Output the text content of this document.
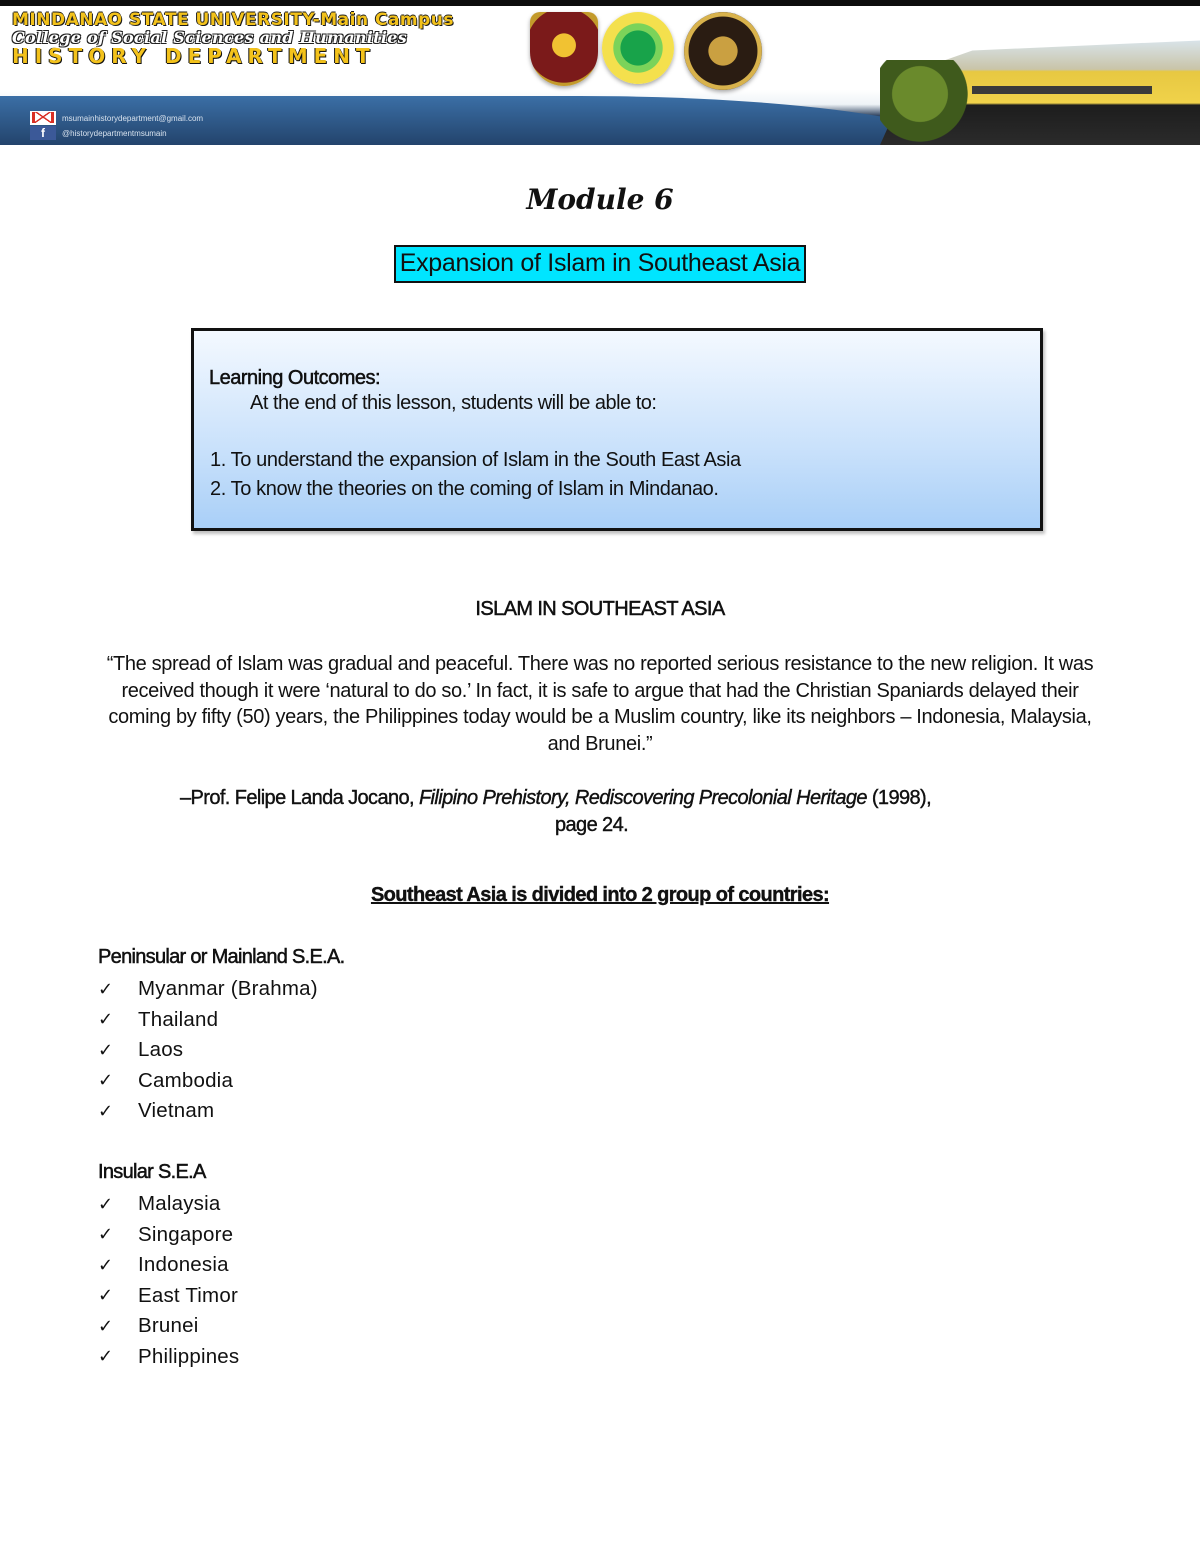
MINDANAO STATE UNIVERSITY-Main Campus
College of Social Sciences and Humanities
HISTORY DEPARTMENT
msumainhistorydepartment@gmail.com
f	@historydepartmentmsumain
Module 6
Expansion of Islam in Southeast Asia
Learning Outcomes:

At the end of this lesson, students will be able to:

1. To understand the expansion of Islam in the South East Asia
2. To know the theories on the coming of Islam in Mindanao.
ISLAM IN SOUTHEAST ASIA

“The spread of Islam was gradual and peaceful. There was no reported serious resistance to the new religion. It was received though it were ‘natural to do so.’ In fact, it is safe to argue that had the Christian Spaniards delayed their coming by fifty (50) years, the Philippines today would be a Muslim country, like its neighbors – Indonesia, Malaysia, and Brunei.”

–Prof. Felipe Landa Jocano, Filipino Prehistory, Rediscovering Precolonial Heritage (1998),
page 24.

Southeast Asia is divided into 2 group of countries:
Peninsular or Mainland S.E.A.
✓	Myanmar (Brahma)
✓	Thailand
✓	Laos
✓	Cambodia
✓	Vietnam
Insular S.E.A
✓	Malaysia
✓	Singapore
✓	Indonesia
✓	East Timor
✓	Brunei
✓	Philippines
